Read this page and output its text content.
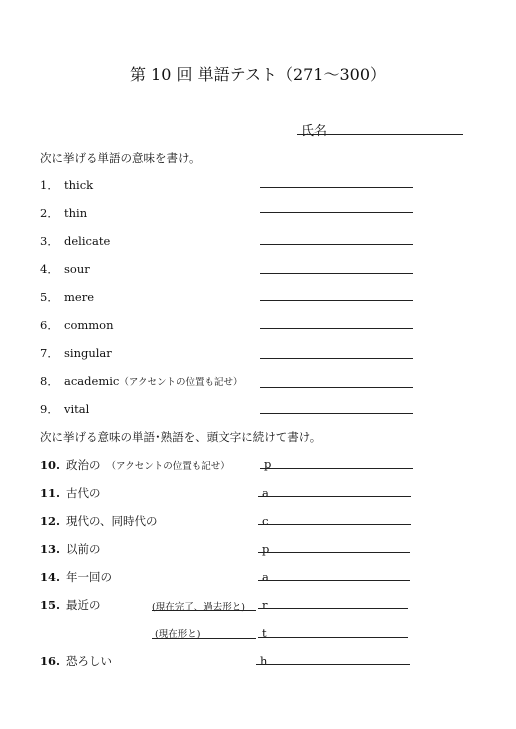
第 10 回 単語テスト（271～300）
氏名
次に挙げる単語の意味を書け。
1． thick
2． thin
3． delicate
4． sour
5． mere
6． common
7． singular
8． academic（アクセントの位置も記せ）
9． vital
次に挙げる意味の単語･熟語を、頭文字に続けて書け。
10. 政治の （アクセントの位置も記せ）	p
11. 古代の	a
12. 現代の、同時代の	c
13. 以前の	p
14. 年一回の	a
15. 最近の	(現在完了、過去形と) r
(現在形と)	t
16. 恐ろしい	h
